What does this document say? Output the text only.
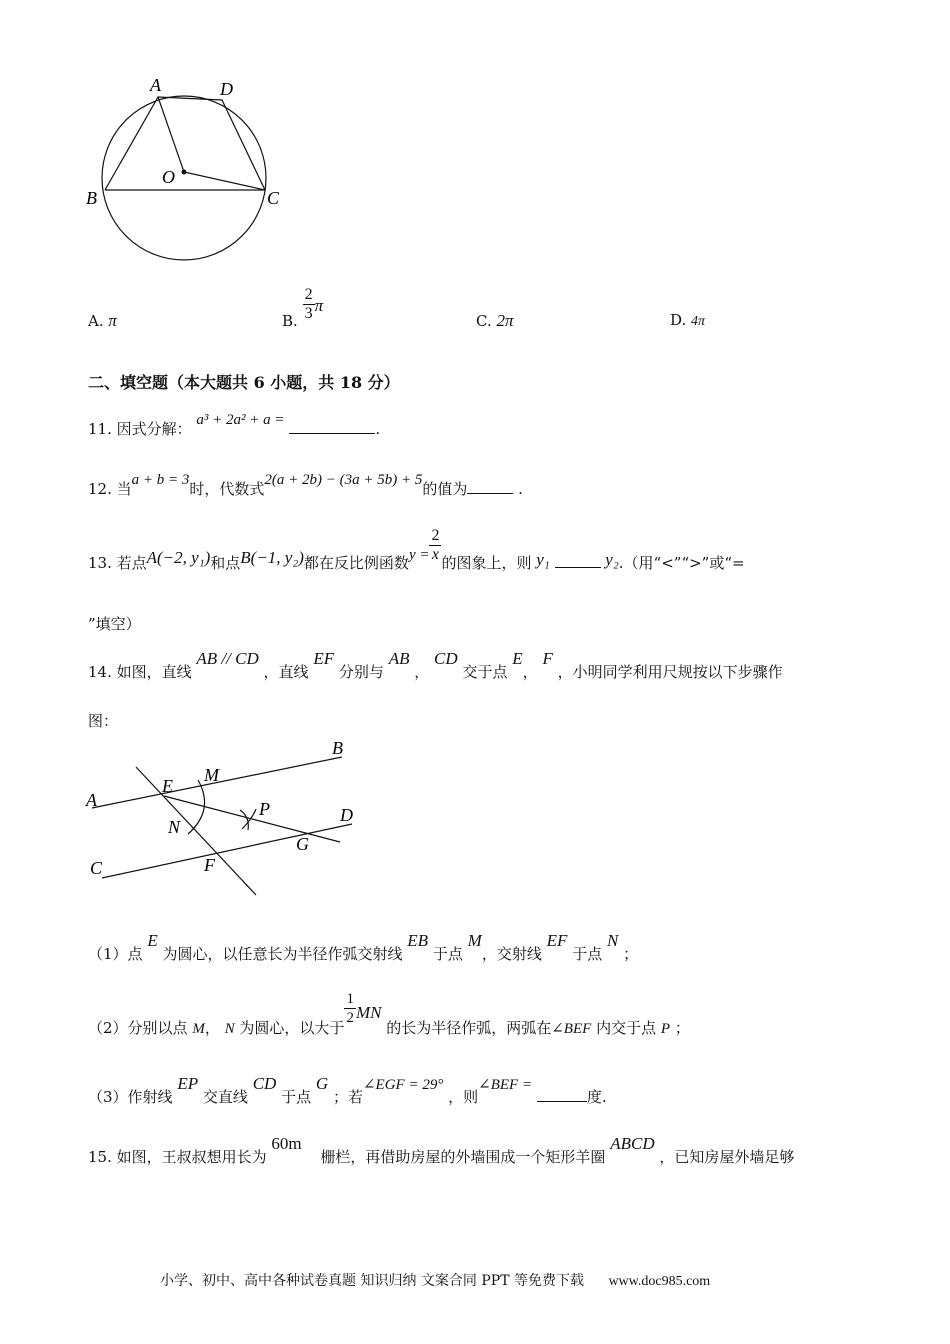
A	D
O
B	C
A. π	B. $\frac{2}{3}$ π
C. 2π	D. 4π
二、填空题（本大题共 6 小题，共 18 分）
11. 因式分解： a³ + 2a² + a =	.
12. 当a + b = 3时，代数式2(a + 2b) − (3a + 5b) + 5的值为	.
13. 若点A(−2, y₁)和点B(−1, y₂)都在反比例函数$y = \frac{2}{x}$ 的图象上，则 y₁	y₂.（用“<”“>”或“=
”填空）
14. 如图，直线 AB // CD ，直线 EF 分别与 AB ， CD 交于点 E， F ，小明同学利用尺规按以下步骤作
图：
B
A
E
M
P	D
N
G
C	F
（1）点 E 为圆心，以任意长为半径作弧交射线 EB 于点 M，交射线 EF 于点 N ；
（2）分别以点 M， N 为圆心，以大于
$\frac{1}{2}$ MN 的长为半径作弧，两弧在∠BEF 内交于点 P ；
（3）作射线 EP 交直线 CD 于点 G ；若∠EGF = 29° ，则∠BEF = 度.
15. 如图，王叔叔想用长为 60m 栅栏，再借助房屋的外墙围成一个矩形羊圈 ABCD ，已知房屋外墙足够
小学、初中、高中各种试卷真题 知识归纳 文案合同 PPT 等免费下载 www.doc985.com
